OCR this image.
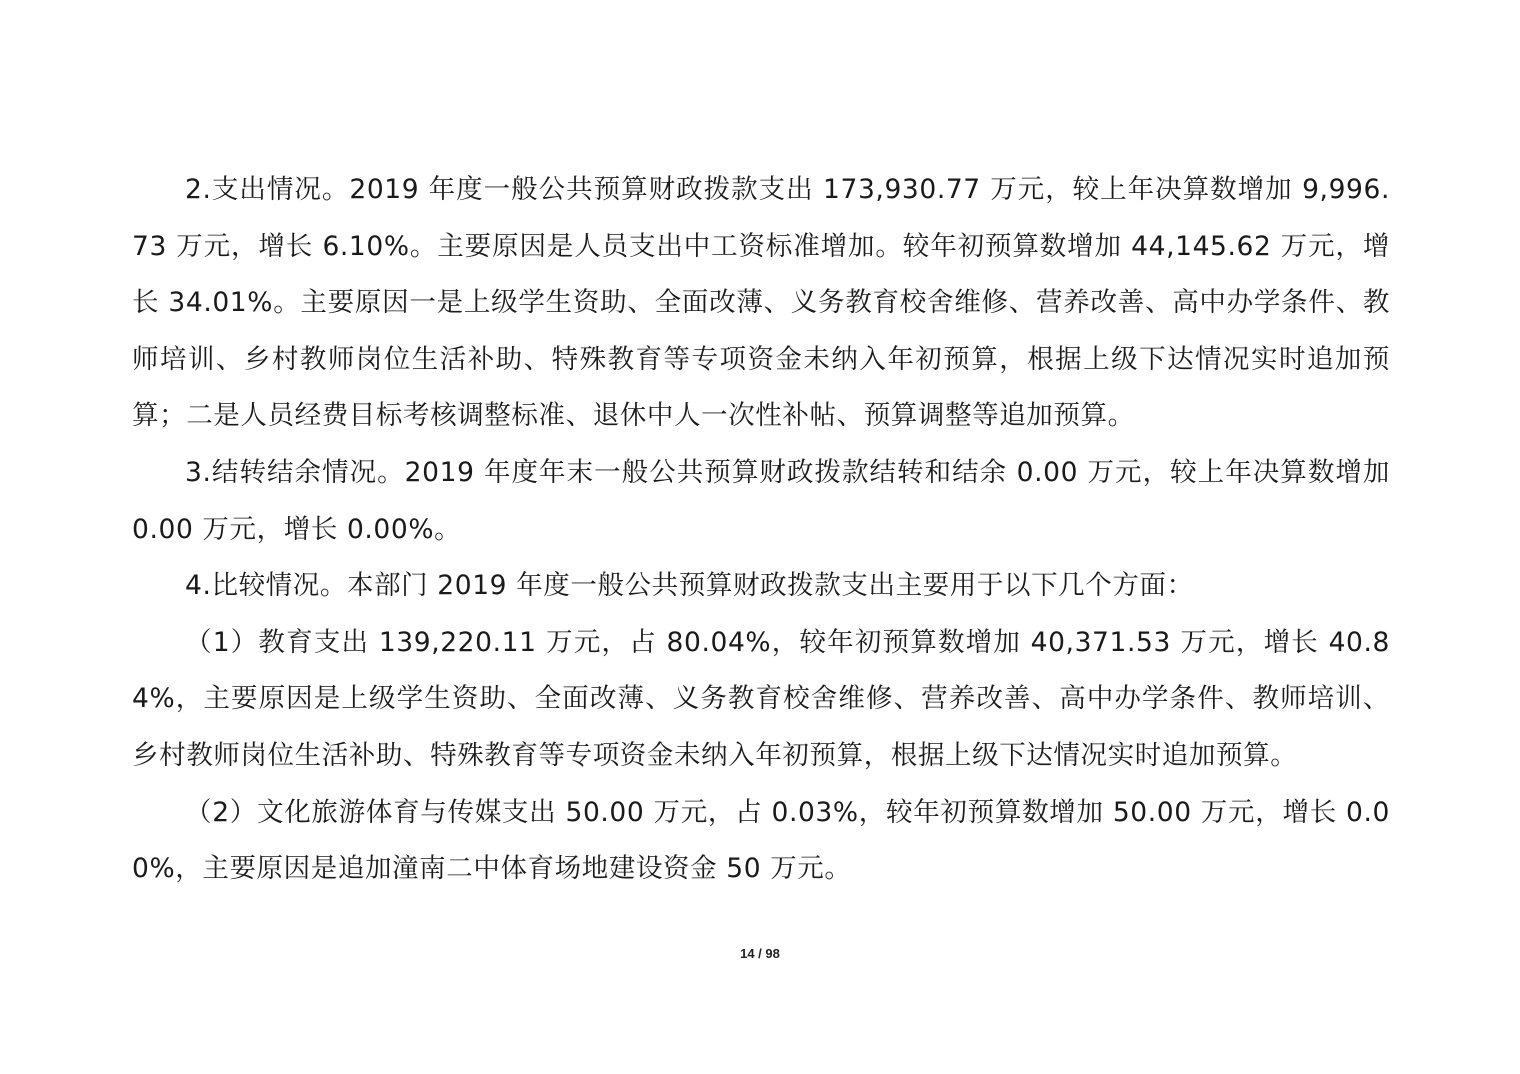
2.支出情况。2019 年度一般公共预算财政拨款支出 173,930.77 万元，较上年决算数增加 9,996.73 万元，增长 6.10%。主要原因是人员支出中工资标准增加。较年初预算数增加 44,145.62 万元，增长 34.01%。主要原因一是上级学生资助、全面改薄、义务教育校舍维修、营养改善、高中办学条件、教师培训、乡村教师岗位生活补助、特殊教育等专项资金未纳入年初预算，根据上级下达情况实时追加预算；二是人员经费目标考核调整标准、退休中人一次性补帖、预算调整等追加预算。

3.结转结余情况。2019 年度年末一般公共预算财政拨款结转和结余 0.00 万元，较上年决算数增加 0.00 万元，增长 0.00%。

4.比较情况。本部门 2019 年度一般公共预算财政拨款支出主要用于以下几个方面：

（1）教育支出 139,220.11 万元，占 80.04%，较年初预算数增加 40,371.53 万元，增长 40.84%，主要原因是上级学生资助、全面改薄、义务教育校舍维修、营养改善、高中办学条件、教师培训、乡村教师岗位生活补助、特殊教育等专项资金未纳入年初预算，根据上级下达情况实时追加预算。

（2）文化旅游体育与传媒支出 50.00 万元，占 0.03%，较年初预算数增加 50.00 万元，增长 0.00%，主要原因是追加潼南二中体育场地建设资金 50 万元。

14 / 98
